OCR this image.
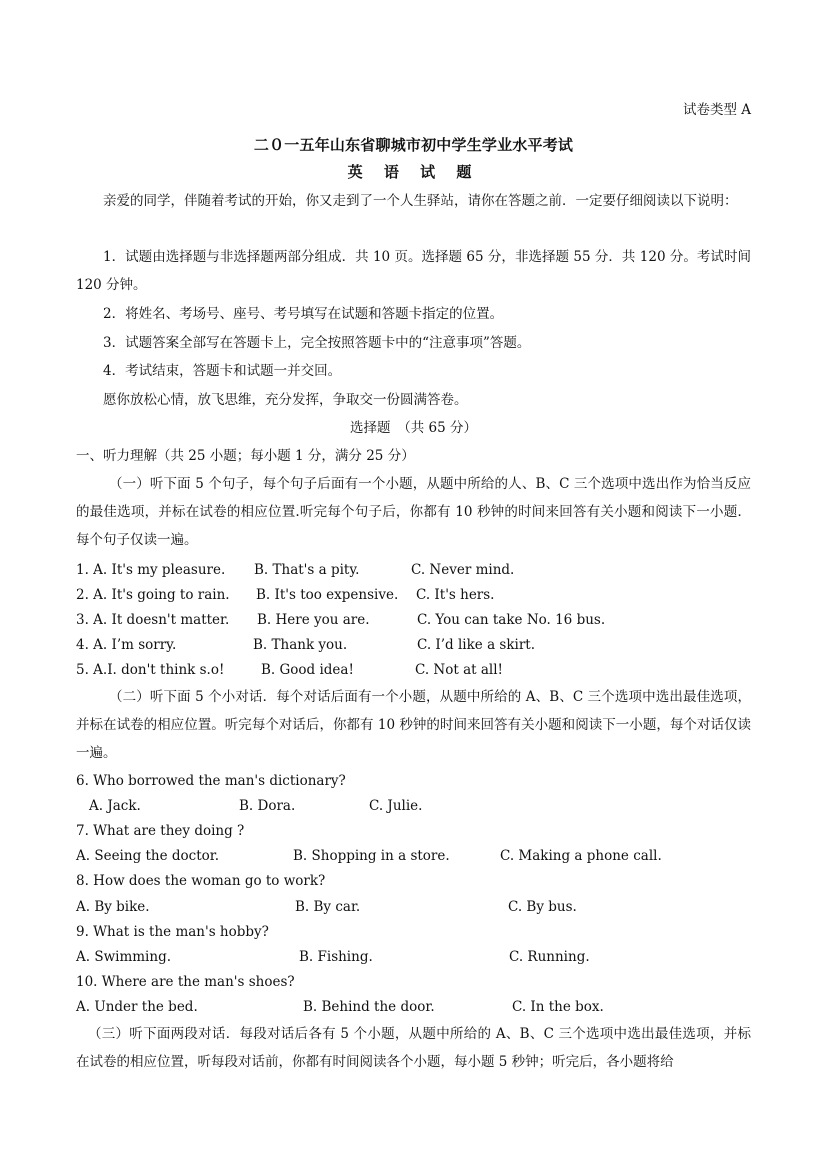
试卷类型 A
二０一五年山东省聊城市初中学生学业水平考试
英 语 试 题
亲爱的同学，伴随着考试的开始，你又走到了一个人生驿站，请你在答题之前．一定要仔细阅读以下说明：
1．试题由选择题与非选择题两部分组成．共 10 页。选择题 65 分，非选择题 55 分．共 120 分。考试时间 120 分钟。
2．将姓名、考场号、座号、考号填写在试题和答题卡指定的位置。
3．试题答案全部写在答题卡上，完全按照答题卡中的“注意事项”答题。
4．考试结束，答题卡和试题一并交回。
愿你放松心情，放飞思维，充分发挥，争取交一份圆满答卷。
选择题　（共 65 分）
一、听力理解（共 25 小题；每小题 1 分，满分 25 分）
（一）听下面 5 个句子，每个句子后面有一个小题，从题中所给的人、B、C 三个选项中选出作为恰当反应的最佳选项，并标在试卷的相应位置.听完每个句子后，你都有 10 秒钟的时间来回答有关小题和阅读下一小题．每个句子仅读一遍。
1. A. It's my pleasure. B. That's a pity.	C. Never mind.
2. A. It's going to rain. B. It's too expensive. C. It's hers.
3. A. It doesn't matter. B. Here you are.	C. You can take No. 16 bus.
4. A. I’m sorry.	B. Thank you.	C. I’d like a skirt.
5. A.I. don't think s.o!	B. Good idea!	C. Not at all!
（二）听下面 5 个小对话．每个对话后面有一个小题，从题中所给的 A、B、C 三个选项中选出最佳选项，并标在试卷的相应位置。听完每个对话后，你都有 10 秒钟的时间来回答有关小题和阅读下一小题，每个对话仅读一遍。
6. Who borrowed the man's dictionary?
A. Jack.	B. Dora.	C. Julie.
7. What are they doing ?
A. Seeing the doctor.	B. Shopping in a store.	C. Making a phone call.
8. How does the woman go to work?
A. By bike.	B. By car.	C. By bus.
9. What is the man's hobby?
A. Swimming.	B. Fishing.	C. Running.
10. Where are the man's shoes?
A. Under the bed.	B. Behind the door.	C. In the box.
（三）听下面两段对话．每段对话后各有 5 个小题，从题中所给的 A、B、C 三个选项中选出最佳选项，并标在试卷的相应位置，听每段对话前，你都有时间阅读各个小题，每小题 5 秒钟；听完后，各小题将给
